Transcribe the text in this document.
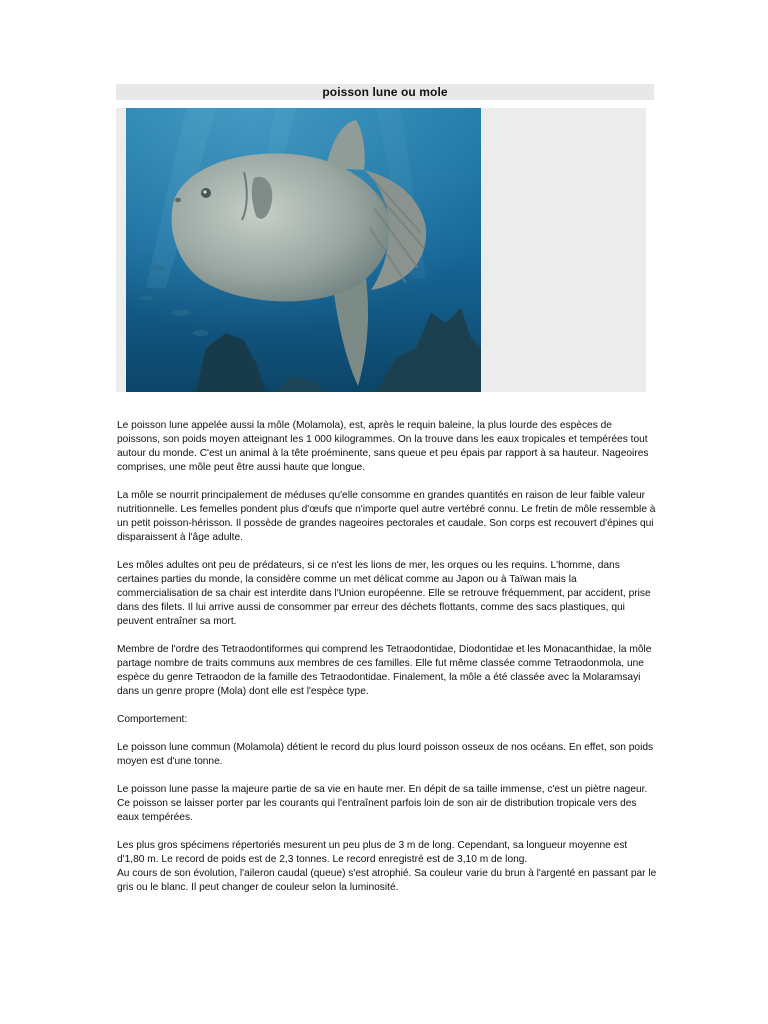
poisson lune ou mole

Le poisson lune appelée aussi la môle (Molamola), est, après le requin baleine, la plus lourde des espèces de poissons, son poids moyen atteignant les 1 000 kilogrammes. On la trouve dans les eaux tropicales et tempérées tout autour du monde. C'est un animal à la tête proéminente, sans queue et peu épais par rapport à sa hauteur. Nageoires comprises, une môle peut être aussi haute que longue.

La môle se nourrit principalement de méduses qu'elle consomme en grandes quantités en raison de leur faible valeur nutritionnelle. Les femelles pondent plus d'œufs que n'importe quel autre vertébré connu. Le fretin de môle ressemble à un petit poisson-hérisson. Il possède de grandes nageoires pectorales et caudale. Son corps est recouvert d'épines qui disparaissent à l'âge adulte.

Les môles adultes ont peu de prédateurs, si ce n'est les lions de mer, les orques ou les requins. L'homme, dans certaines parties du monde, la considère comme un met délicat comme au Japon ou à Taïwan mais la commercialisation de sa chair est interdite dans l'Union européenne. Elle se retrouve fréquemment, par accident, prise dans des filets. Il lui arrive aussi de consommer par erreur des déchets flottants, comme des sacs plastiques, qui peuvent entraîner sa mort.

Membre de l'ordre des Tetraodontiformes qui comprend les Tetraodontidae, Diodontidae et les Monacanthidae, la môle partage nombre de traits communs aux membres de ces familles. Elle fut même classée comme Tetraodonmola, une espèce du genre Tetraodon de la famille des Tetraodontidae. Finalement, la môle a été classée avec la Molaramsayi dans un genre propre (Mola) dont elle est l'espèce type.

Comportement:

Le poisson lune commun (Molamola) détient le record du plus lourd poisson osseux de nos océans. En effet, son poids moyen est d'une tonne.

Le poisson lune passe la majeure partie de sa vie en haute mer. En dépit de sa taille immense, c'est un piètre nageur. Ce poisson se laisser porter par les courants qui l'entraînent parfois loin de son air de distribution tropicale vers des eaux tempérées.

Les plus gros spécimens répertoriés mesurent un peu plus de 3 m de long. Cependant, sa longueur moyenne est d'1,80 m. Le record de poids est de 2,3 tonnes. Le record enregistré est de 3,10 m de long.

Au cours de son évolution, l'aileron caudal (queue) s'est atrophié. Sa couleur varie du brun à l'argenté en passant par le gris ou le blanc. Il peut changer de couleur selon la luminosité.
